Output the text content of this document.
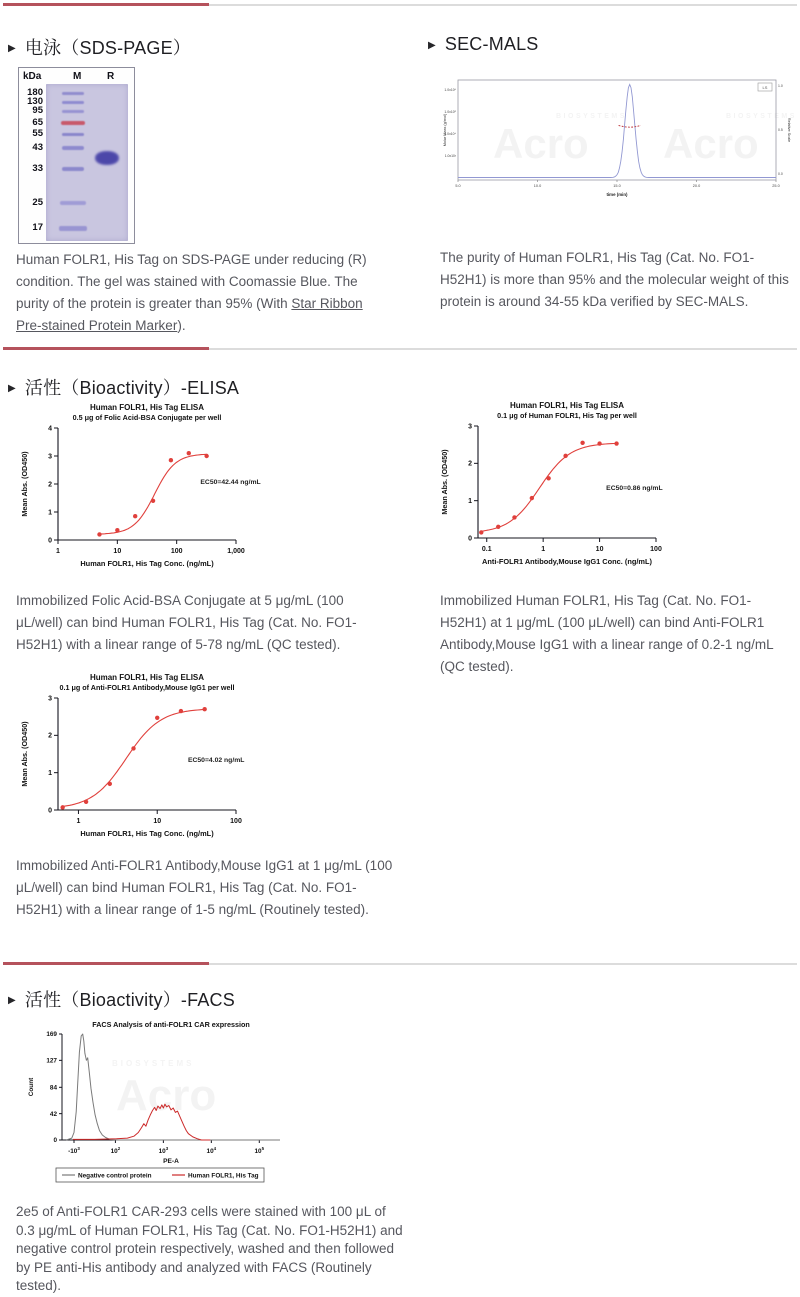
▶ 电泳（SDS-PAGE）	▶ SEC-MALS
▶ 活性（Bioactivity）-ELISA
▶ 活性（Bioactivity）-FACS
kDa	M	R
180
130
95
65
55
43
33
25
17
BIOSYSTEMS
Acro
BIOSYSTEMS
Acro
1.0x10⁶
1.0x10⁵
1.0x10⁴
1.0x10³
1.0
0.5
0.0
Molar Mass (g/mol)	Relative Scale
5.0	10.0	15.0	20.0	25.0
time (min)
LS

Human FOLR1, His Tag on SDS-PAGE under reducing (R) condition. The gel was stained with Coomassie Blue. The purity of the protein is greater than 95% (With Star Ribbon Pre-stained Protein Marker).

The purity of Human FOLR1, His Tag (Cat. No. FO1-H52H1) is more than 95% and the molecular weight of this protein is around 34-55 kDa verified by SEC-MALS.

Human FOLR1, His Tag ELISA
0.5 μg of Folic Acid-BSA Conjugate per well
0
1
2
3
4
1	10	100	1,000
Mean Abs. (OD450)
Human FOLR1, His Tag Conc. (ng/mL)
EC50=42.44 ng/mL
Human FOLR1, His Tag ELISA
0.1 μg of Human FOLR1, His Tag per well
0
1
2
3
0.1	1	10	100
Mean Abs. (OD450)
Anti-FOLR1 Antibody,Mouse IgG1 Conc. (ng/mL)
EC50=0.86 ng/mL

Immobilized Folic Acid-BSA Conjugate at 5 μg/mL (100 μL/well) can bind Human FOLR1, His Tag (Cat. No. FO1-H52H1) with a linear range of 5-78 ng/mL (QC tested).

Immobilized Human FOLR1, His Tag (Cat. No. FO1-H52H1) at 1 μg/mL (100 μL/well) can bind Anti-FOLR1 Antibody,Mouse IgG1 with a linear range of 0.2-1 ng/mL (QC tested).

Human FOLR1, His Tag ELISA
0.1 μg of Anti-FOLR1 Antibody,Mouse IgG1 per well
0
1
2
3
1	10	100
Mean Abs. (OD450)
Human FOLR1, His Tag Conc. (ng/mL)
EC50=4.02 ng/mL

Immobilized Anti-FOLR1 Antibody,Mouse IgG1 at 1 μg/mL (100 μL/well) can bind Human FOLR1, His Tag (Cat. No. FO1-H52H1) with a linear range of 1-5 ng/mL (Routinely tested).

BIOSYSTEMS
Acro
FACS Analysis of anti-FOLR1 CAR expression
0
42
84
127
169
$-10^3$	$10^2$	$10^3$	$10^4$	$10^5$
Count
PE-A
Negative control protein	Human FOLR1, His Tag

2e5 of Anti-FOLR1 CAR-293 cells were stained with 100 μL of 0.3 μg/mL of Human FOLR1, His Tag (Cat. No. FO1-H52H1) and negative control protein respectively, washed and then followed by PE anti-His antibody and analyzed with FACS (Routinely tested).
